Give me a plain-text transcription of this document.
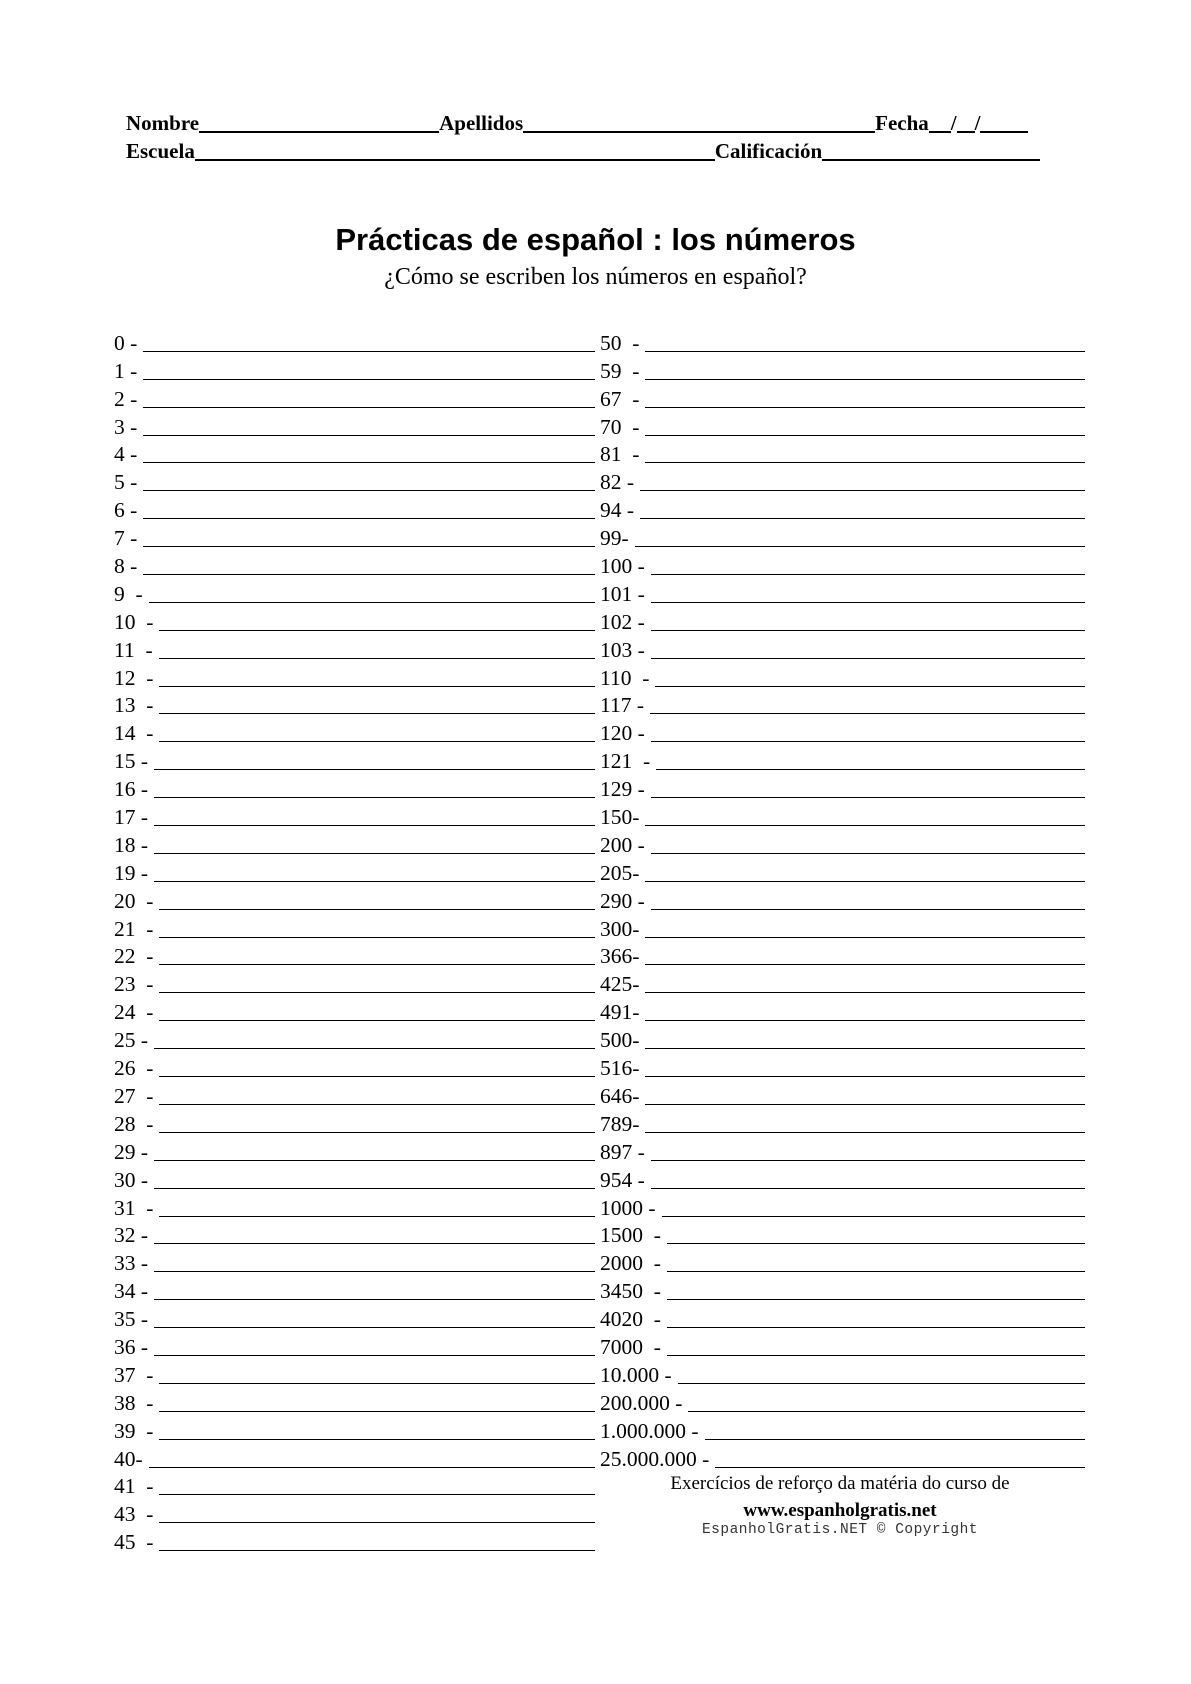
Nombre	Apellidos	Fecha / /
Escuela	Calificación
Prácticas de español : los números
¿Cómo se escriben los números en español?
0 -
1 -
2 -
3 -
4 -
5 -
6 -
7 -
8 -
9  -
10  -
11  -
12  -
13  -
14  -
15 -
16 -
17 -
18 -
19 -
20  -
21  -
22  -
23  -
24  -
25 -
26  -
27  -
28  -
29 -
30 -
31  -
32 -
33 -
34 -
35 -
36 -
37  -
38  -
39  -
40-
41  -
43  -
45  -
50  -
59  -
67  -
70  -
81  -
82 -
94 -
99-
100 -
101 -
102 -
103 -
110  -
117 -
120 -
121  -
129 -
150-
200 -
205-
290 -
300-
366-
425-
491-
500-
516-
646-
789-
897 -
954 -
1000 -
1500  -
2000  -
3450  -
4020  -
7000  -
10.000 -
200.000 -
1.000.000 -
25.000.000 -
Exercícios de reforço da matéria do curso de
www.espanholgratis.net
EspanholGratis.NET © Copyright
